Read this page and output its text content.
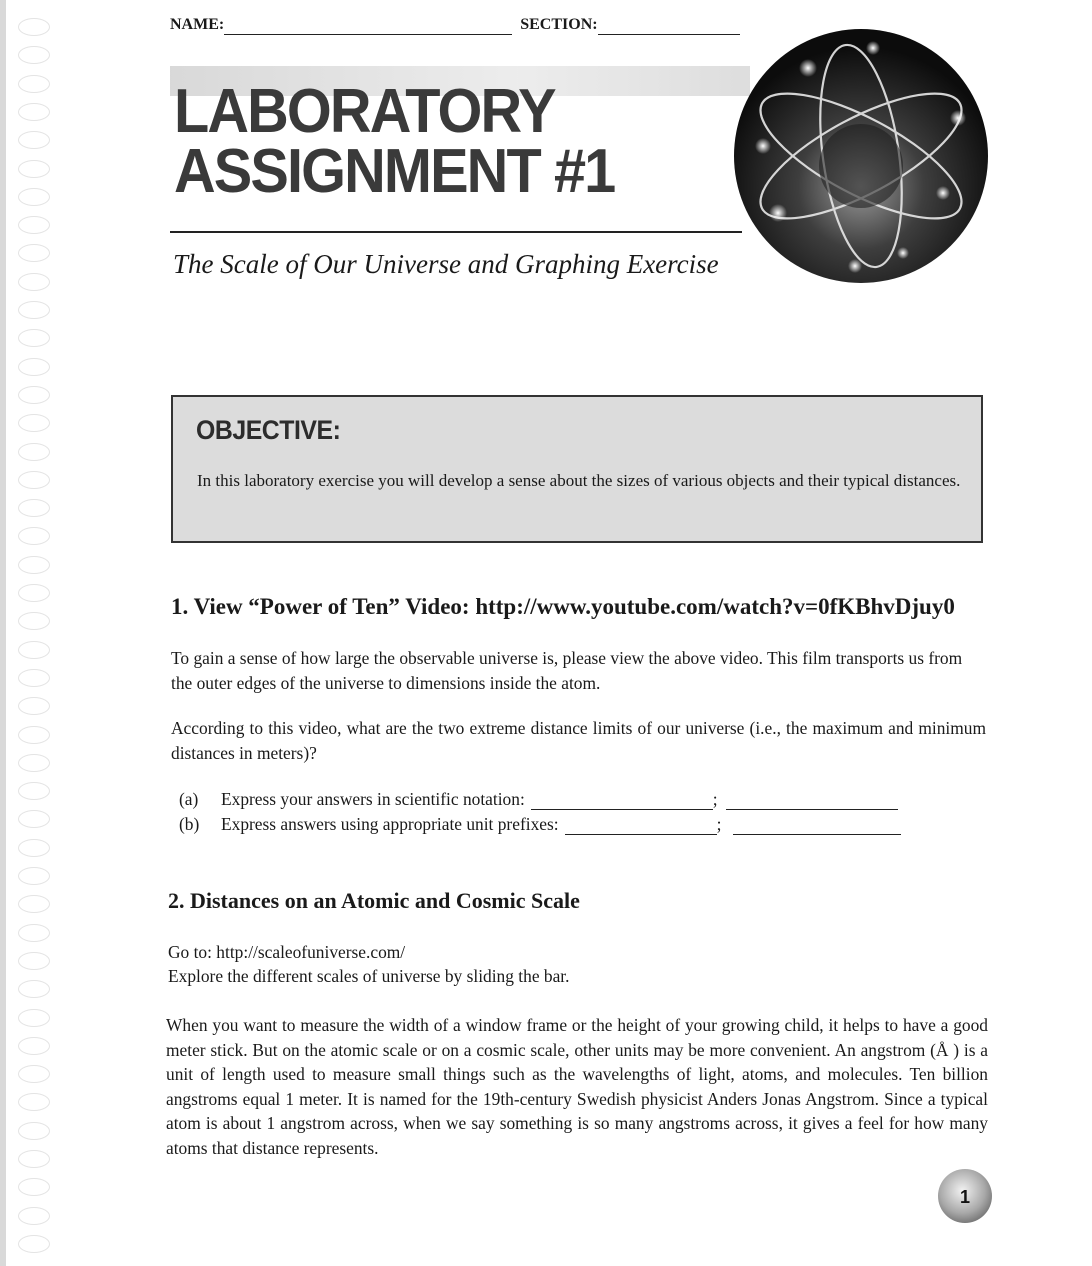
NAME:	SECTION:
LABORATORY
ASSIGNMENT #1
The Scale of Our Universe and Graphing Exercise
OBJECTIVE:
In this laboratory exercise you will develop a sense about the sizes of various objects and their typical distances.
1. View “Power of Ten” Video: http://www.youtube.com/watch?v=0fKBhvDjuy0

To gain a sense of how large the observable universe is, please view the above video. This film transports us from the outer edges of the universe to dimensions inside the atom.

According to this video, what are the two extreme distance limits of our universe (i.e., the maximum and minimum distances in meters)?

(a)	Express your answers in scientific notation:	;
(b)	Express answers using appropriate unit prefixes:	;
2. Distances on an Atomic and Cosmic Scale

Go to: http://scaleofuniverse.com/

Explore the different scales of universe by sliding the bar.

When you want to measure the width of a window frame or the height of your growing child, it helps to have a good meter stick. But on the atomic scale or on a cosmic scale, other units may be more convenient. An angstrom (Å ) is a unit of length used to measure small things such as the wavelengths of light, atoms, and molecules. Ten billion angstroms equal 1 meter. It is named for the 19th-century Swedish physicist Anders Jonas Angstrom. Since a typical atom is about 1 angstrom across, when we say something is so many angstroms across, it gives a feel for how many atoms that distance represents.

1
